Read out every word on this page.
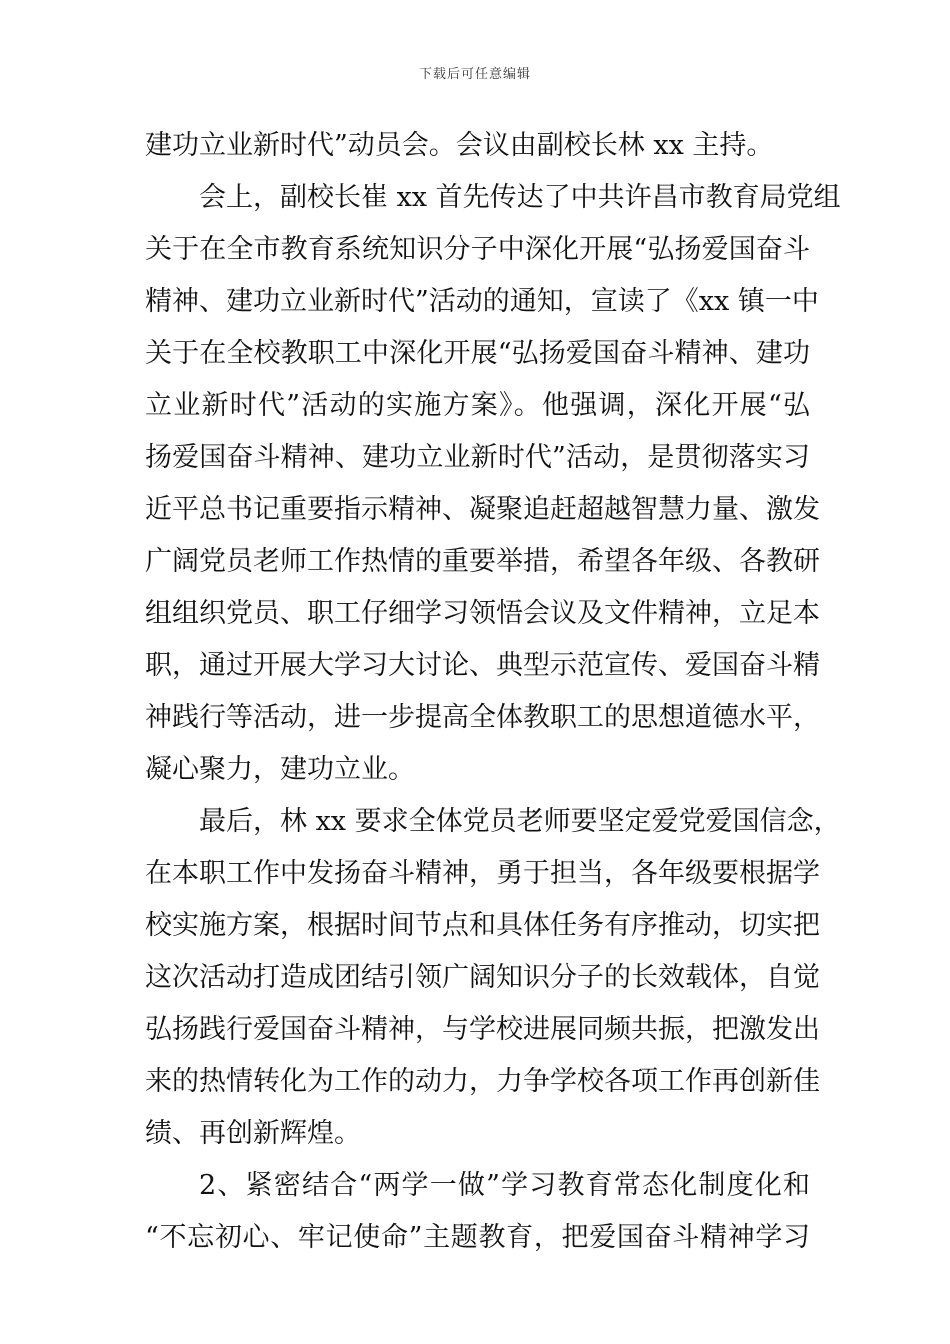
下载后可任意编辑
建功立业新时代”动员会。会议由副校长林 xx 主持。
会上，副校长崔 xx 首先传达了中共许昌市教育局党组
关于在全市教育系统知识分子中深化开展“弘扬爱国奋斗
精神、建功立业新时代”活动的通知，宣读了《xx 镇一中
关于在全校教职工中深化开展“弘扬爱国奋斗精神、建功
立业新时代”活动的实施方案》。他强调，深化开展“弘
扬爱国奋斗精神、建功立业新时代”活动，是贯彻落实习
近平总书记重要指示精神、凝聚追赶超越智慧力量、激发
广阔党员老师工作热情的重要举措，希望各年级、各教研
组组织党员、职工仔细学习领悟会议及文件精神，立足本
职，通过开展大学习大讨论、典型示范宣传、爱国奋斗精
神践行等活动，进一步提高全体教职工的思想道德水平，
凝心聚力，建功立业。
最后，林 xx 要求全体党员老师要坚定爱党爱国信念，
在本职工作中发扬奋斗精神，勇于担当，各年级要根据学
校实施方案，根据时间节点和具体任务有序推动，切实把
这次活动打造成团结引领广阔知识分子的长效载体，自觉
弘扬践行爱国奋斗精神，与学校进展同频共振，把激发出
来的热情转化为工作的动力，力争学校各项工作再创新佳
绩、再创新辉煌。
2、紧密结合“两学一做”学习教育常态化制度化和
“不忘初心、牢记使命”主题教育，把爱国奋斗精神学习
